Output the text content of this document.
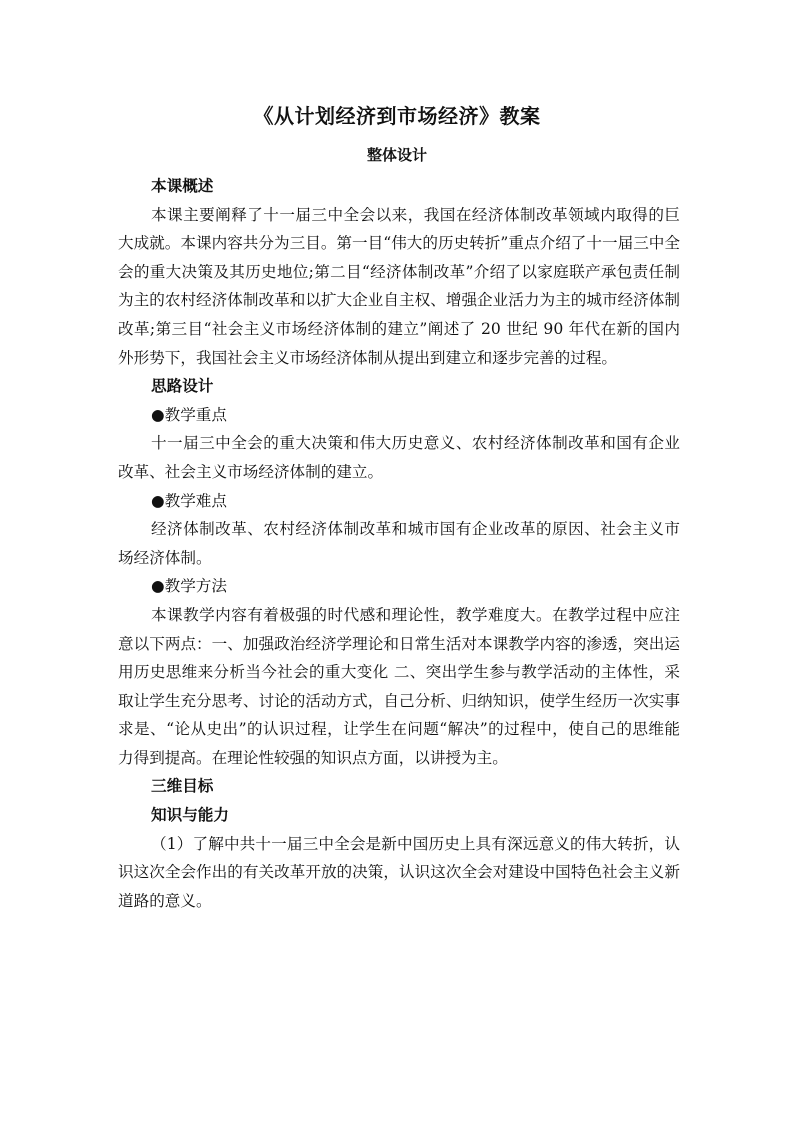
《从计划经济到市场经济》教案
整体设计

本课概述

本课主要阐释了十一届三中全会以来，我国在经济体制改革领域内取得的巨大成就。本课内容共分为三目。第一目“伟大的历史转折”重点介绍了十一届三中全会的重大决策及其历史地位;第二目“经济体制改革”介绍了以家庭联产承包责任制为主的农村经济体制改革和以扩大企业自主权、增强企业活力为主的城市经济体制改革;第三目“社会主义市场经济体制的建立”阐述了 20 世纪 90 年代在新的国内外形势下，我国社会主义市场经济体制从提出到建立和逐步完善的过程。

思路设计

●教学重点

十一届三中全会的重大决策和伟大历史意义、农村经济体制改革和国有企业改革、社会主义市场经济体制的建立。

●教学难点

经济体制改革、农村经济体制改革和城市国有企业改革的原因、社会主义市场经济体制。

●教学方法

本课教学内容有着极强的时代感和理论性，教学难度大。在教学过程中应注意以下两点：一、加强政治经济学理论和日常生活对本课教学内容的渗透，突出运用历史思维来分析当今社会的重大变化 二、突出学生参与教学活动的主体性，采取让学生充分思考、讨论的活动方式，自己分析、归纳知识，使学生经历一次实事求是、“论从史出”的认识过程，让学生在问题“解决”的过程中，使自己的思维能力得到提高。在理论性较强的知识点方面，以讲授为主。

三维目标

知识与能力

（1）了解中共十一届三中全会是新中国历史上具有深远意义的伟大转折，认识这次全会作出的有关改革开放的决策，认识这次全会对建设中国特色社会主义新道路的意义。
